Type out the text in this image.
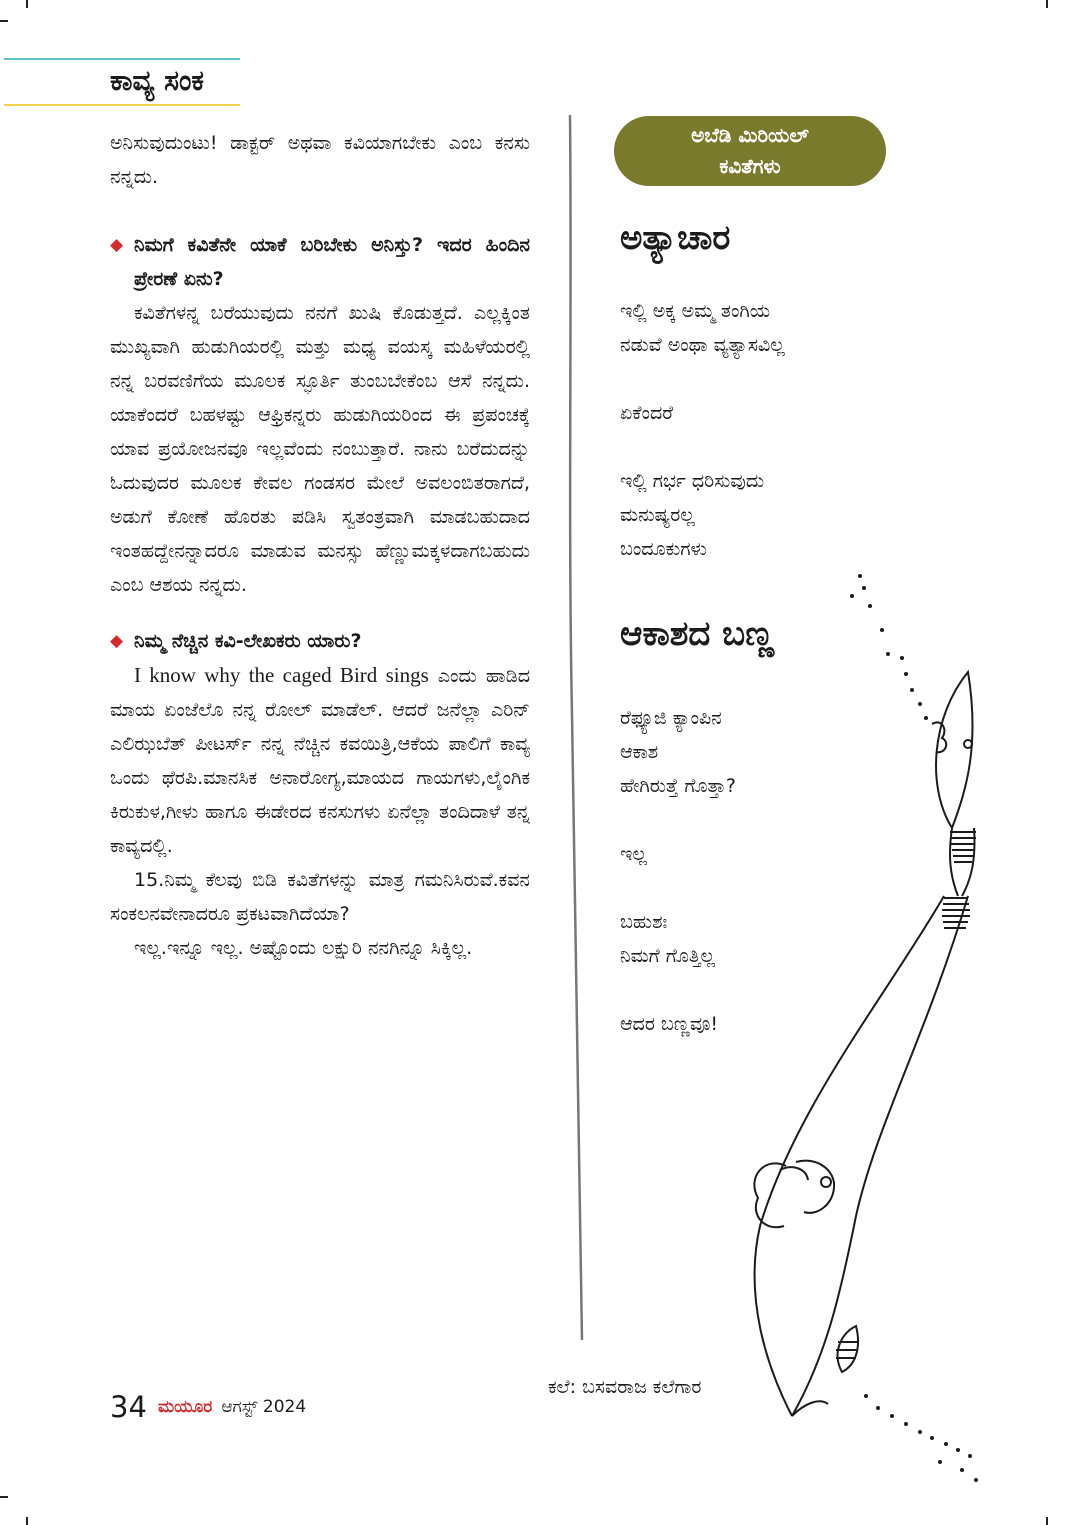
ಕಾವ್ಯ ಸಂಕ

ಅನಿಸುವುದುಂಟು! ಡಾಕ್ಟರ್ ಅಥವಾ ಕವಿಯಾಗಬೇಕು ಎಂಬ ಕನಸು ನನ್ನದು.

◆ ನಿಮಗೆ ಕವಿತೆನೇ ಯಾಕೆ ಬರಿಬೇಕು ಅನಿಸ್ತು? ಇದರ ಹಿಂದಿನ ಪ್ರೇರಣೆ ಏನು?

ಕವಿತೆಗಳನ್ನ ಬರೆಯುವುದು ನನಗೆ ಖುಷಿ ಕೊಡುತ್ತದೆ. ಎಲ್ಲಕ್ಕಿಂತ ಮುಖ್ಯವಾಗಿ ಹುಡುಗಿಯರಲ್ಲಿ ಮತ್ತು ಮಧ್ಯ ವಯಸ್ಕ ಮಹಿಳೆಯರಲ್ಲಿ ನನ್ನ ಬರವಣಿಗೆಯ ಮೂಲಕ ಸ್ಫೂರ್ತಿ ತುಂಬಬೇಕೆಂಬ ಆಸೆ ನನ್ನದು. ಯಾಕೆಂದರೆ ಬಹಳಷ್ಟು ಆಫ್ರಿಕನ್ನರು ಹುಡುಗಿಯರಿಂದ ಈ ಪ್ರಪಂಚಕ್ಕೆ ಯಾವ ಪ್ರಯೋಜನವೂ ಇಲ್ಲವೆಂದು ನಂಬುತ್ತಾರೆ. ನಾನು ಬರೆದುದನ್ನು ಓದುವುದರ ಮೂಲಕ ಕೇವಲ ಗಂಡಸರ ಮೇಲೆ ಅವಲಂಬಿತರಾಗದೆ, ಅಡುಗೆ ಕೋಣೆ ಹೊರತು ಪಡಿಸಿ ಸ್ವತಂತ್ರವಾಗಿ ಮಾಡಬಹುದಾದ ಇಂತಹದ್ದೇನನ್ನಾದರೂ ಮಾಡುವ ಮನಸ್ಸು ಹೆಣ್ಣುಮಕ್ಕಳದಾಗಬಹುದು ಎಂಬ ಆಶಯ ನನ್ನದು.

◆ ನಿಮ್ಮ ನೆಚ್ಚಿನ ಕವಿ-ಲೇಖಕರು ಯಾರು?

I know why the caged Bird sings ಎಂದು ಹಾಡಿದ ಮಾಯ ಏಂಜೆಲೊ ನನ್ನ ರೋಲ್ ಮಾಡೆಲ್. ಆದರೆ ಜನೆಲ್ಲಾ ಎರಿನ್ ಎಲಿಝಬೆತ್ ಪೀಟರ್ಸ್ ನನ್ನ ನೆಚ್ಚಿನ ಕವಯಿತ್ರಿ,ಆಕೆಯ ಪಾಲಿಗೆ ಕಾವ್ಯ ಒಂದು ಥೆರಪಿ.ಮಾನಸಿಕ ಅನಾರೋಗ್ಯ,ಮಾಯದ ಗಾಯಗಳು,ಲೈಂಗಿಕ ಕಿರುಕುಳ,ಗೀಳು ಹಾಗೂ ಈಡೇರದ ಕನಸುಗಳು ಏನೆಲ್ಲಾ ತಂದಿದಾಳೆ ತನ್ನ ಕಾವ್ಯದಲ್ಲಿ.

15.ನಿಮ್ಮ ಕೆಲವು ಬಿಡಿ ಕವಿತೆಗಳನ್ನು ಮಾತ್ರ ಗಮನಿಸಿರುವೆ.ಕವನ ಸಂಕಲನವೇನಾದರೂ ಪ್ರಕಟವಾಗಿದೆಯಾ?

ಇಲ್ಲ.ಇನ್ನೂ ಇಲ್ಲ. ಅಷ್ಟೊಂದು ಲಕ್ಷುರಿ ನನಗಿನ್ನೂ ಸಿಕ್ಕಿಲ್ಲ.

ಅಬೆಡಿ ಮಿರಿಯಲ್
ಕವಿತೆಗಳು
ಅತ್ಯಾಚಾರ
ಇಲ್ಲಿ ಅಕ್ಕ ಅಮ್ಮ ತಂಗಿಯ
ನಡುವೆ ಅಂಥಾ ವ್ಯತ್ಯಾಸವಿಲ್ಲ
ಏಕೆಂದರೆ
ಇಲ್ಲಿ ಗರ್ಭ ಧರಿಸುವುದು
ಮನುಷ್ಯರಲ್ಲ
ಬಂದೂಕುಗಳು
ಆಕಾಶದ ಬಣ್ಣ
ರೆಫ್ಯೂಜಿ ಕ್ಯಾಂಪಿನ
ಆಕಾಶ
ಹೇಗಿರುತ್ತೆ ಗೊತ್ತಾ?
ಇಲ್ಲ
ಬಹುಶಃ
ನಿಮಗೆ ಗೊತ್ತಿಲ್ಲ
ಆದರ ಬಣ್ಣವೂ!
ಕಲೆ: ಬಸವರಾಜ ಕಲೆಗಾರ
34 ಮಯೂರ ಆಗಸ್ಟ್ 2024
